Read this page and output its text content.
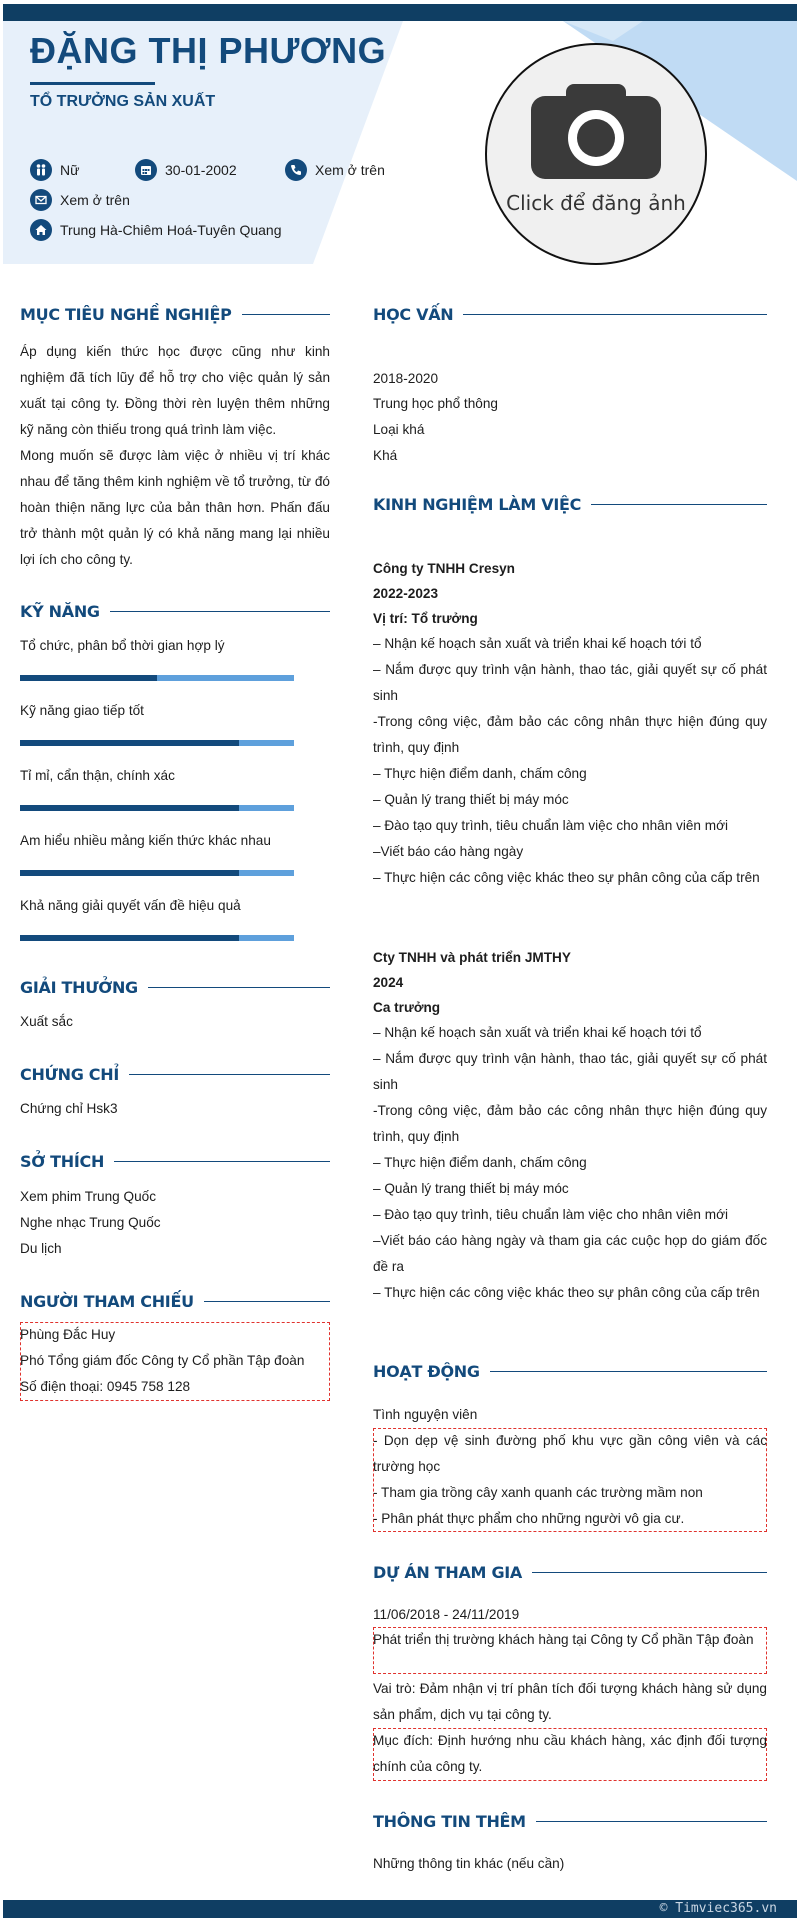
ĐẶNG THỊ PHƯƠNG
TỔ TRƯỞNG SẢN XUẤT
Nữ	30-01-2002	Xem ở trên
Xem ở trên
Trung Hà-Chiêm Hoá-Tuyên Quang
Click để đăng ảnh
MỤC TIÊU NGHỀ NGHIỆP
Áp dụng kiến thức học được cũng như kinh nghiệm đã tích lũy để hỗ trợ cho việc quản lý sản xuất tại công ty. Đồng thời rèn luyện thêm những kỹ năng còn thiếu trong quá trình làm việc.
Mong muốn sẽ được làm việc ở nhiều vị trí khác nhau để tăng thêm kinh nghiệm về tổ trưởng, từ đó hoàn thiện năng lực của bản thân hơn. Phấn đấu trở thành một quản lý có khả năng mang lại nhiều lợi ích cho công ty.
KỸ NĂNG
Tổ chức, phân bổ thời gian hợp lý
Kỹ năng giao tiếp tốt
Tỉ mỉ, cẩn thận, chính xác
Am hiểu nhiều mảng kiến thức khác nhau
Khả năng giải quyết vấn đề hiệu quả
GIẢI THƯỞNG
Xuất sắc
CHỨNG CHỈ
Chứng chỉ Hsk3
SỞ THÍCH
Xem phim Trung Quốc
Nghe nhạc Trung Quốc
Du lịch
NGƯỜI THAM CHIẾU
Phùng Đắc Huy
Phó Tổng giám đốc Công ty Cổ phần Tập đoàn
Số điện thoại: 0945 758 128
HỌC VẤN
2018-2020
Trung học phổ thông
Loại khá
Khá
KINH NGHIỆM LÀM VIỆC
Công ty TNHH Cresyn
2022-2023
Vị trí: Tổ trưởng
– Nhận kế hoạch sản xuất và triển khai kế hoạch tới tổ
– Nắm được quy trình vận hành, thao tác, giải quyết sự cố phát sinh
-Trong công việc, đảm bảo các công nhân thực hiện đúng quy trình, quy định
– Thực hiện điểm danh, chấm công
– Quản lý trang thiết bị máy móc
– Đào tạo quy trình, tiêu chuẩn làm việc cho nhân viên mới
–Viết báo cáo hàng ngày
– Thực hiện các công việc khác theo sự phân công của cấp trên
Cty TNHH và phát triển JMTHY
2024
Ca trưởng
– Nhận kế hoạch sản xuất và triển khai kế hoạch tới tổ
– Nắm được quy trình vận hành, thao tác, giải quyết sự cố phát sinh
-Trong công việc, đảm bảo các công nhân thực hiện đúng quy trình, quy định
– Thực hiện điểm danh, chấm công
– Quản lý trang thiết bị máy móc
– Đào tạo quy trình, tiêu chuẩn làm việc cho nhân viên mới
–Viết báo cáo hàng ngày và tham gia các cuộc họp do giám đốc đề ra
– Thực hiện các công việc khác theo sự phân công của cấp trên
HOẠT ĐỘNG
Tình nguyện viên
- Dọn dẹp vệ sinh đường phố khu vực gần công viên và các trường học
- Tham gia trồng cây xanh quanh các trường mầm non
- Phân phát thực phẩm cho những người vô gia cư.
DỰ ÁN THAM GIA
11/06/2018 - 24/11/2019
Phát triển thị trường khách hàng tại Công ty Cổ phần Tập đoàn
Vai trò: Đảm nhận vị trí phân tích đối tượng khách hàng sử dụng sản phẩm, dịch vụ tại công ty.
Mục đích: Định hướng nhu cầu khách hàng, xác định đối tượng chính của công ty.
THÔNG TIN THÊM
Những thông tin khác (nếu cần)
© Timviec365.vn
